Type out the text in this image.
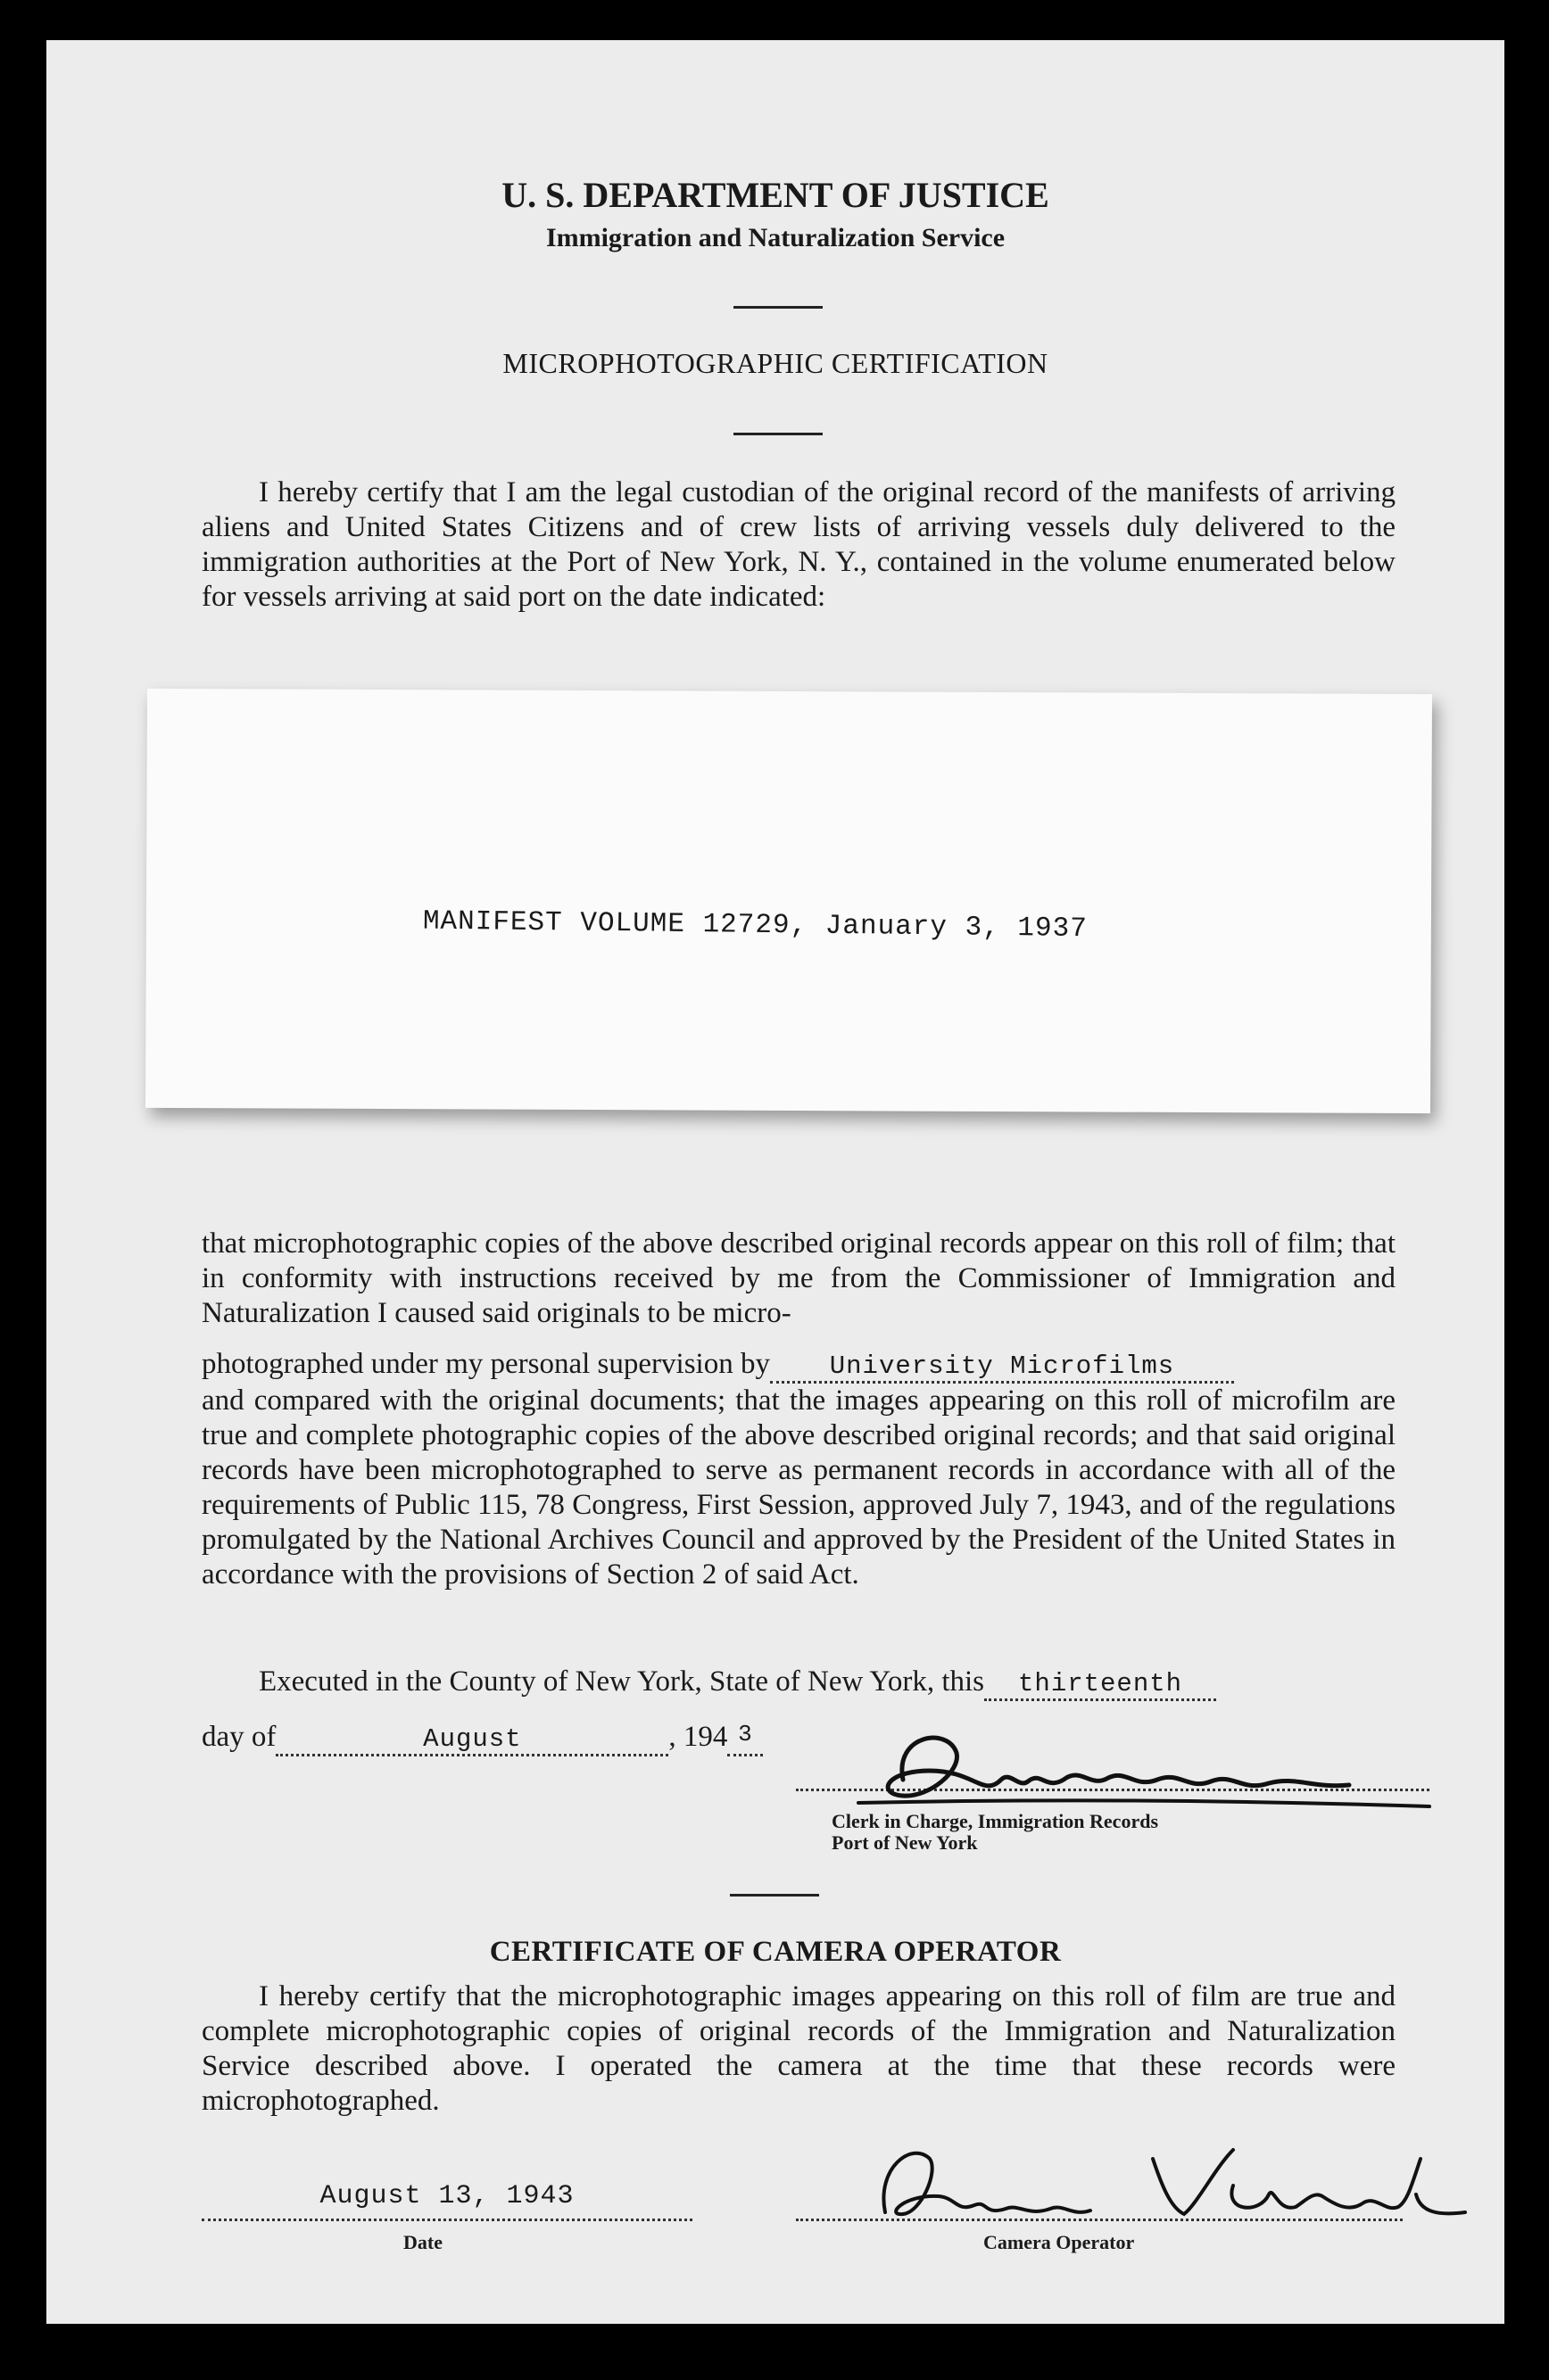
U. S. DEPARTMENT OF JUSTICE
Immigration and Naturalization Service
MICROPHOTOGRAPHIC CERTIFICATION

I hereby certify that I am the legal custodian of the original record of the manifests of arriving aliens and United States Citizens and of crew lists of arriving vessels duly delivered to the immigration authorities at the Port of New York, N. Y., contained in the volume enumerated below for vessels arriving at said port on the date indicated:

MANIFEST VOLUME 12729, January 3, 1937

that microphotographic copies of the above described original records appear on this roll of film; that in conformity with instructions received by me from the Commissioner of Immigration and Naturalization I caused said originals to be micro-

photographed under my personal supervision by University Microfilms

and compared with the original documents; that the images appearing on this roll of microfilm are true and complete photographic copies of the above described original records; and that said original records have been microphotographed to serve as permanent records in accordance with all of the requirements of Public 115, 78 Congress, First Session, approved July 7, 1943, and of the regulations promulgated by the National Archives Council and approved by the President of the United States in accordance with the provisions of Section 2 of said Act.

Executed in the County of New York, State of New York, this thirteenth
day of	August	, 194 3
Clerk in Charge, Immigration Records
Port of New York
CERTIFICATE OF CAMERA OPERATOR

I hereby certify that the microphotographic images appearing on this roll of film are true and complete microphotographic copies of original records of the Immigration and Naturalization Service described above. I operated the camera at the time that these records were microphotographed.

August 13, 1943
Date	Camera Operator
